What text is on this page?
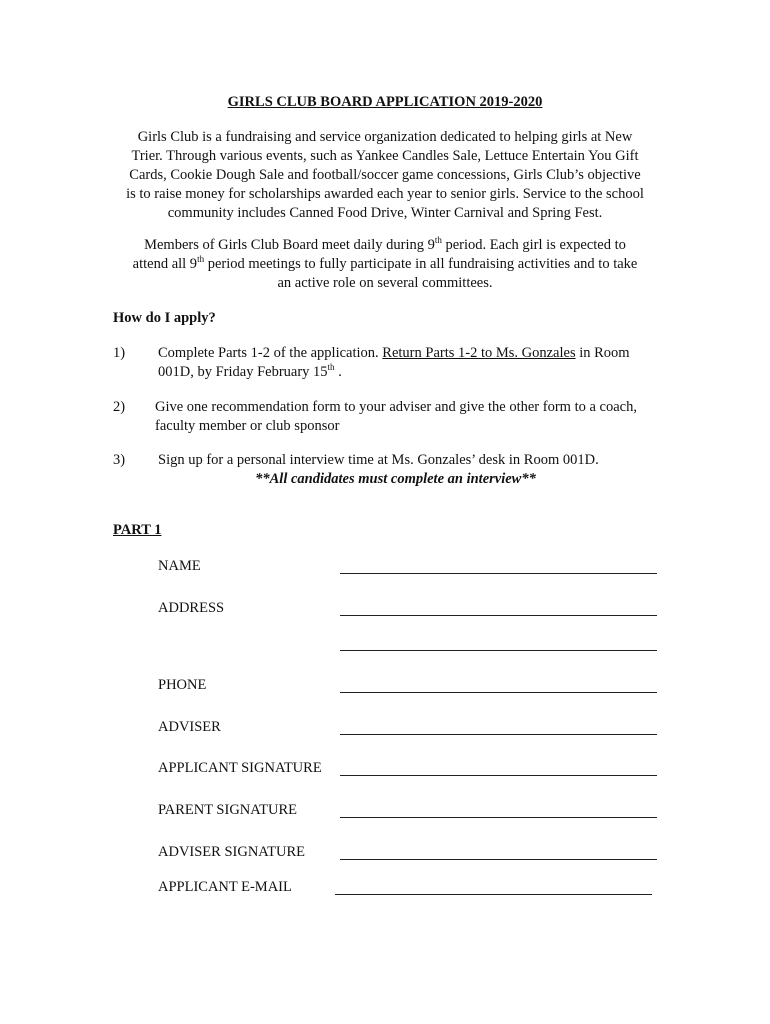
GIRLS CLUB BOARD APPLICATION 2019-2020
Girls Club is a fundraising and service organization dedicated to helping girls at New
Trier. Through various events, such as Yankee Candles Sale, Lettuce Entertain You Gift
Cards, Cookie Dough Sale and football/soccer game concessions, Girls Club’s objective
is to raise money for scholarships awarded each year to senior girls. Service to the school
community includes Canned Food Drive, Winter Carnival and Spring Fest.
Members of Girls Club Board meet daily during 9th period. Each girl is expected to
attend all 9th period meetings to fully participate in all fundraising activities and to take
an active role on several committees.
How do I apply?
1) Complete Parts 1-2 of the application. Return Parts 1-2 to Ms. Gonzales in Room
001D, by Friday February 15th .
2) Give one recommendation form to your adviser and give the other form to a coach,
faculty member or club sponsor
3) Sign up for a personal interview time at Ms. Gonzales’ desk in Room 001D.
**All candidates must complete an interview**
PART 1
NAME
ADDRESS
PHONE
ADVISER
APPLICANT SIGNATURE
PARENT SIGNATURE
ADVISER SIGNATURE
APPLICANT E-MAIL
